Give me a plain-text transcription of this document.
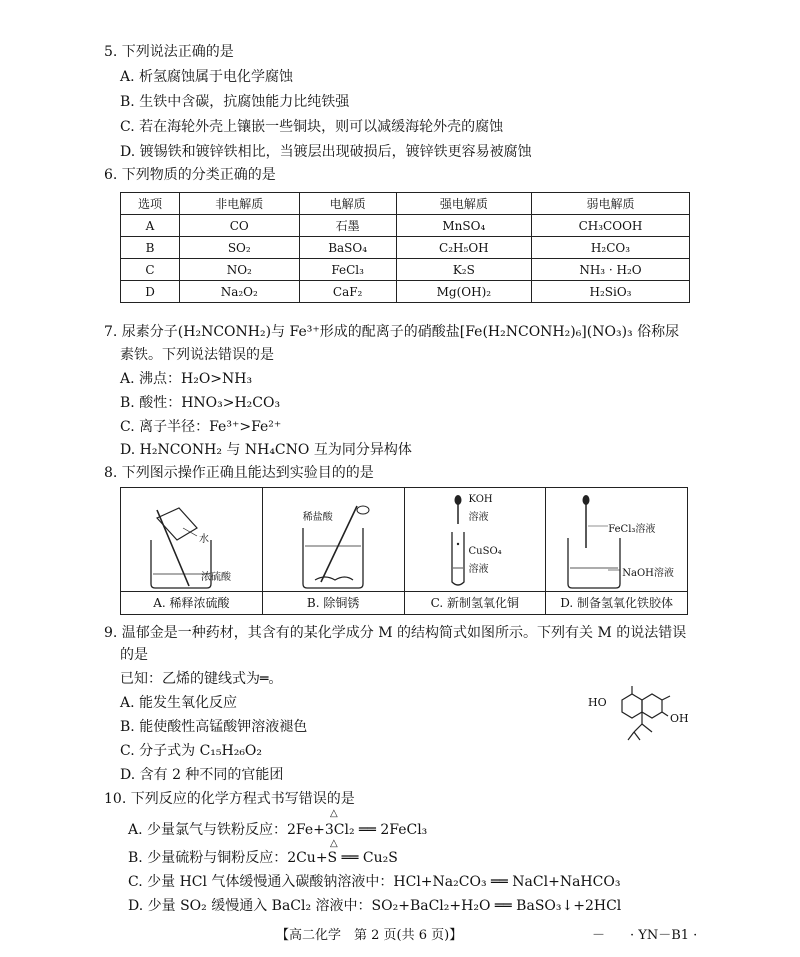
5. 下列说法正确的是
A. 析氢腐蚀属于电化学腐蚀
B. 生铁中含碳，抗腐蚀能力比纯铁强
C. 若在海轮外壳上镶嵌一些铜块，则可以减缓海轮外壳的腐蚀
D. 镀锡铁和镀锌铁相比，当镀层出现破损后，镀锌铁更容易被腐蚀
6. 下列物质的分类正确的是
选项	非电解质	电解质	强电解质	弱电解质
A	CO	石墨	MnSO₄	CH₃COOH
B	SO₂	BaSO₄	C₂H₅OH	H₂CO₃
C	NO₂	FeCl₃	K₂S	NH₃ · H₂O
D	Na₂O₂	CaF₂	Mg(OH)₂	H₂SiO₃
7. 尿素分子(H₂NCONH₂)与 Fe³⁺形成的配离子的硝酸盐[Fe(H₂NCONH₂)₆](NO₃)₃ 俗称尿
素铁。下列说法错误的是
A. 沸点：H₂O>NH₃
B. 酸性：HNO₃>H₂CO₃
C. 离子半径：Fe³⁺>Fe²⁺
D. H₂NCONH₂ 与 NH₄CNO 互为同分异构体
8. 下列图示操作正确且能达到实验目的的是
水
浓硫酸
A. 稀释浓硫酸
稀盐酸
B. 除铜锈
KOH
溶液
CuSO₄
溶液
C. 新制氢氧化铜
FeCl₃溶液
NaOH溶液
D. 制备氢氧化铁胶体
9. 温郁金是一种药材，其含有的某化学成分 M 的结构简式如图所示。下列有关 M 的说法错误
的是
已知：乙烯的键线式为═。
A. 能发生氧化反应
B. 能使酸性高锰酸钾溶液褪色
C. 分子式为 C₁₅H₂₆O₂
D. 含有 2 种不同的官能团
HO
OH
10. 下列反应的化学方程式书写错误的是
△
A. 少量氯气与铁粉反应：2Fe+3Cl₂ ══ 2FeCl₃
△
B. 少量硫粉与铜粉反应：2Cu+S ══ Cu₂S
C. 少量 HCl 气体缓慢通入碳酸钠溶液中：HCl+Na₂CO₃ ══ NaCl+NaHCO₃
D. 少量 SO₂ 缓慢通入 BaCl₂ 溶液中：SO₂+BaCl₂+H₂O ══ BaSO₃↓+2HCl
【高二化学　第 2 页(共 6 页)】	－ · YN－B1 ·
